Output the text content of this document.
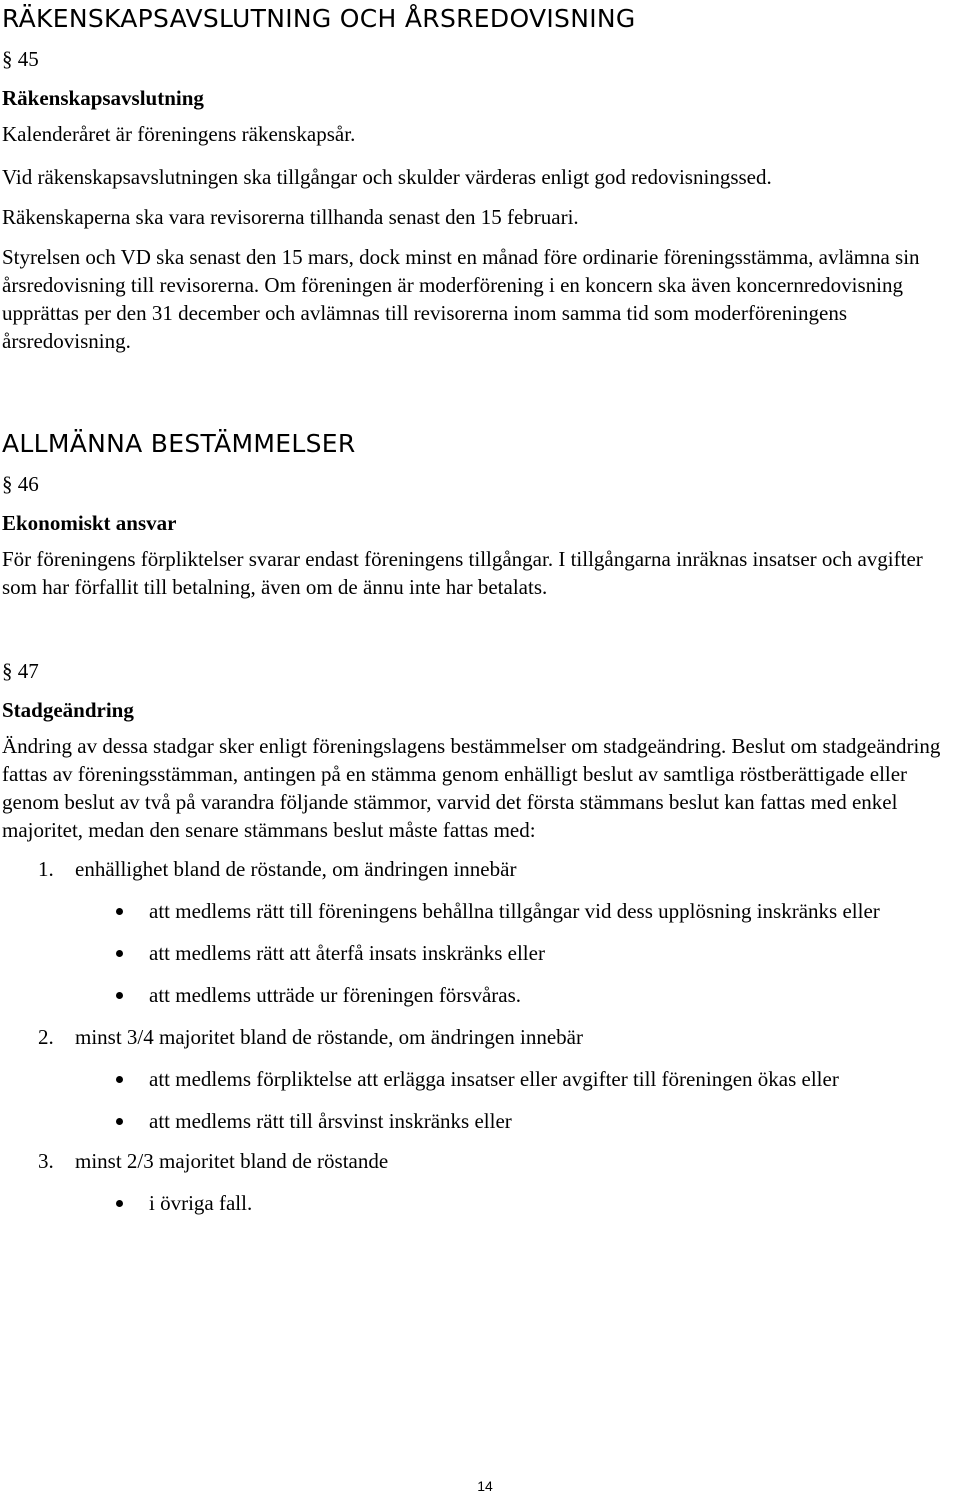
RÄKENSKAPSAVSLUTNING OCH ÅRSREDOVISNING
§ 45
Räkenskapsavslutning

Kalenderåret är föreningens räkenskapsår.

Vid räkenskapsavslutningen ska tillgångar och skulder värderas enligt god redovisningssed.

Räkenskaperna ska vara revisorerna tillhanda senast den 15 februari.

Styrelsen och VD ska senast den 15 mars, dock minst en månad före ordinarie föreningsstämma, avlämna sin årsredovisning till revisorerna. Om föreningen är moderförening i en koncern ska även koncernredovisning upprättas per den 31 december och avlämnas till revisorerna inom samma tid som moderföreningens årsredovisning.

ALLMÄNNA BESTÄMMELSER
§ 46
Ekonomiskt ansvar

För föreningens förpliktelser svarar endast föreningens tillgångar. I tillgångarna inräknas insatser och avgifter som har förfallit till betalning, även om de ännu inte har betalats.

§ 47
Stadgeändring

Ändring av dessa stadgar sker enligt föreningslagens bestämmelser om stadgeändring. Beslut om stadgeändring fattas av föreningsstämman, antingen på en stämma genom enhälligt beslut av samtliga röstberättigade eller genom beslut av två på varandra följande stämmor, varvid det första stämmans beslut kan fattas med enkel majoritet, medan den senare stämmans beslut måste fattas med:

1. enhällighet bland de röstande, om ändringen innebär
att medlems rätt till föreningens behållna tillgångar vid dess upplösning inskränks eller
att medlems rätt att återfå insats inskränks eller
att medlems utträde ur föreningen försvåras.
2. minst 3/4 majoritet bland de röstande, om ändringen innebär
att medlems förpliktelse att erlägga insatser eller avgifter till föreningen ökas eller
att medlems rätt till årsvinst inskränks eller
3. minst 2/3 majoritet bland de röstande
i övriga fall.
14
